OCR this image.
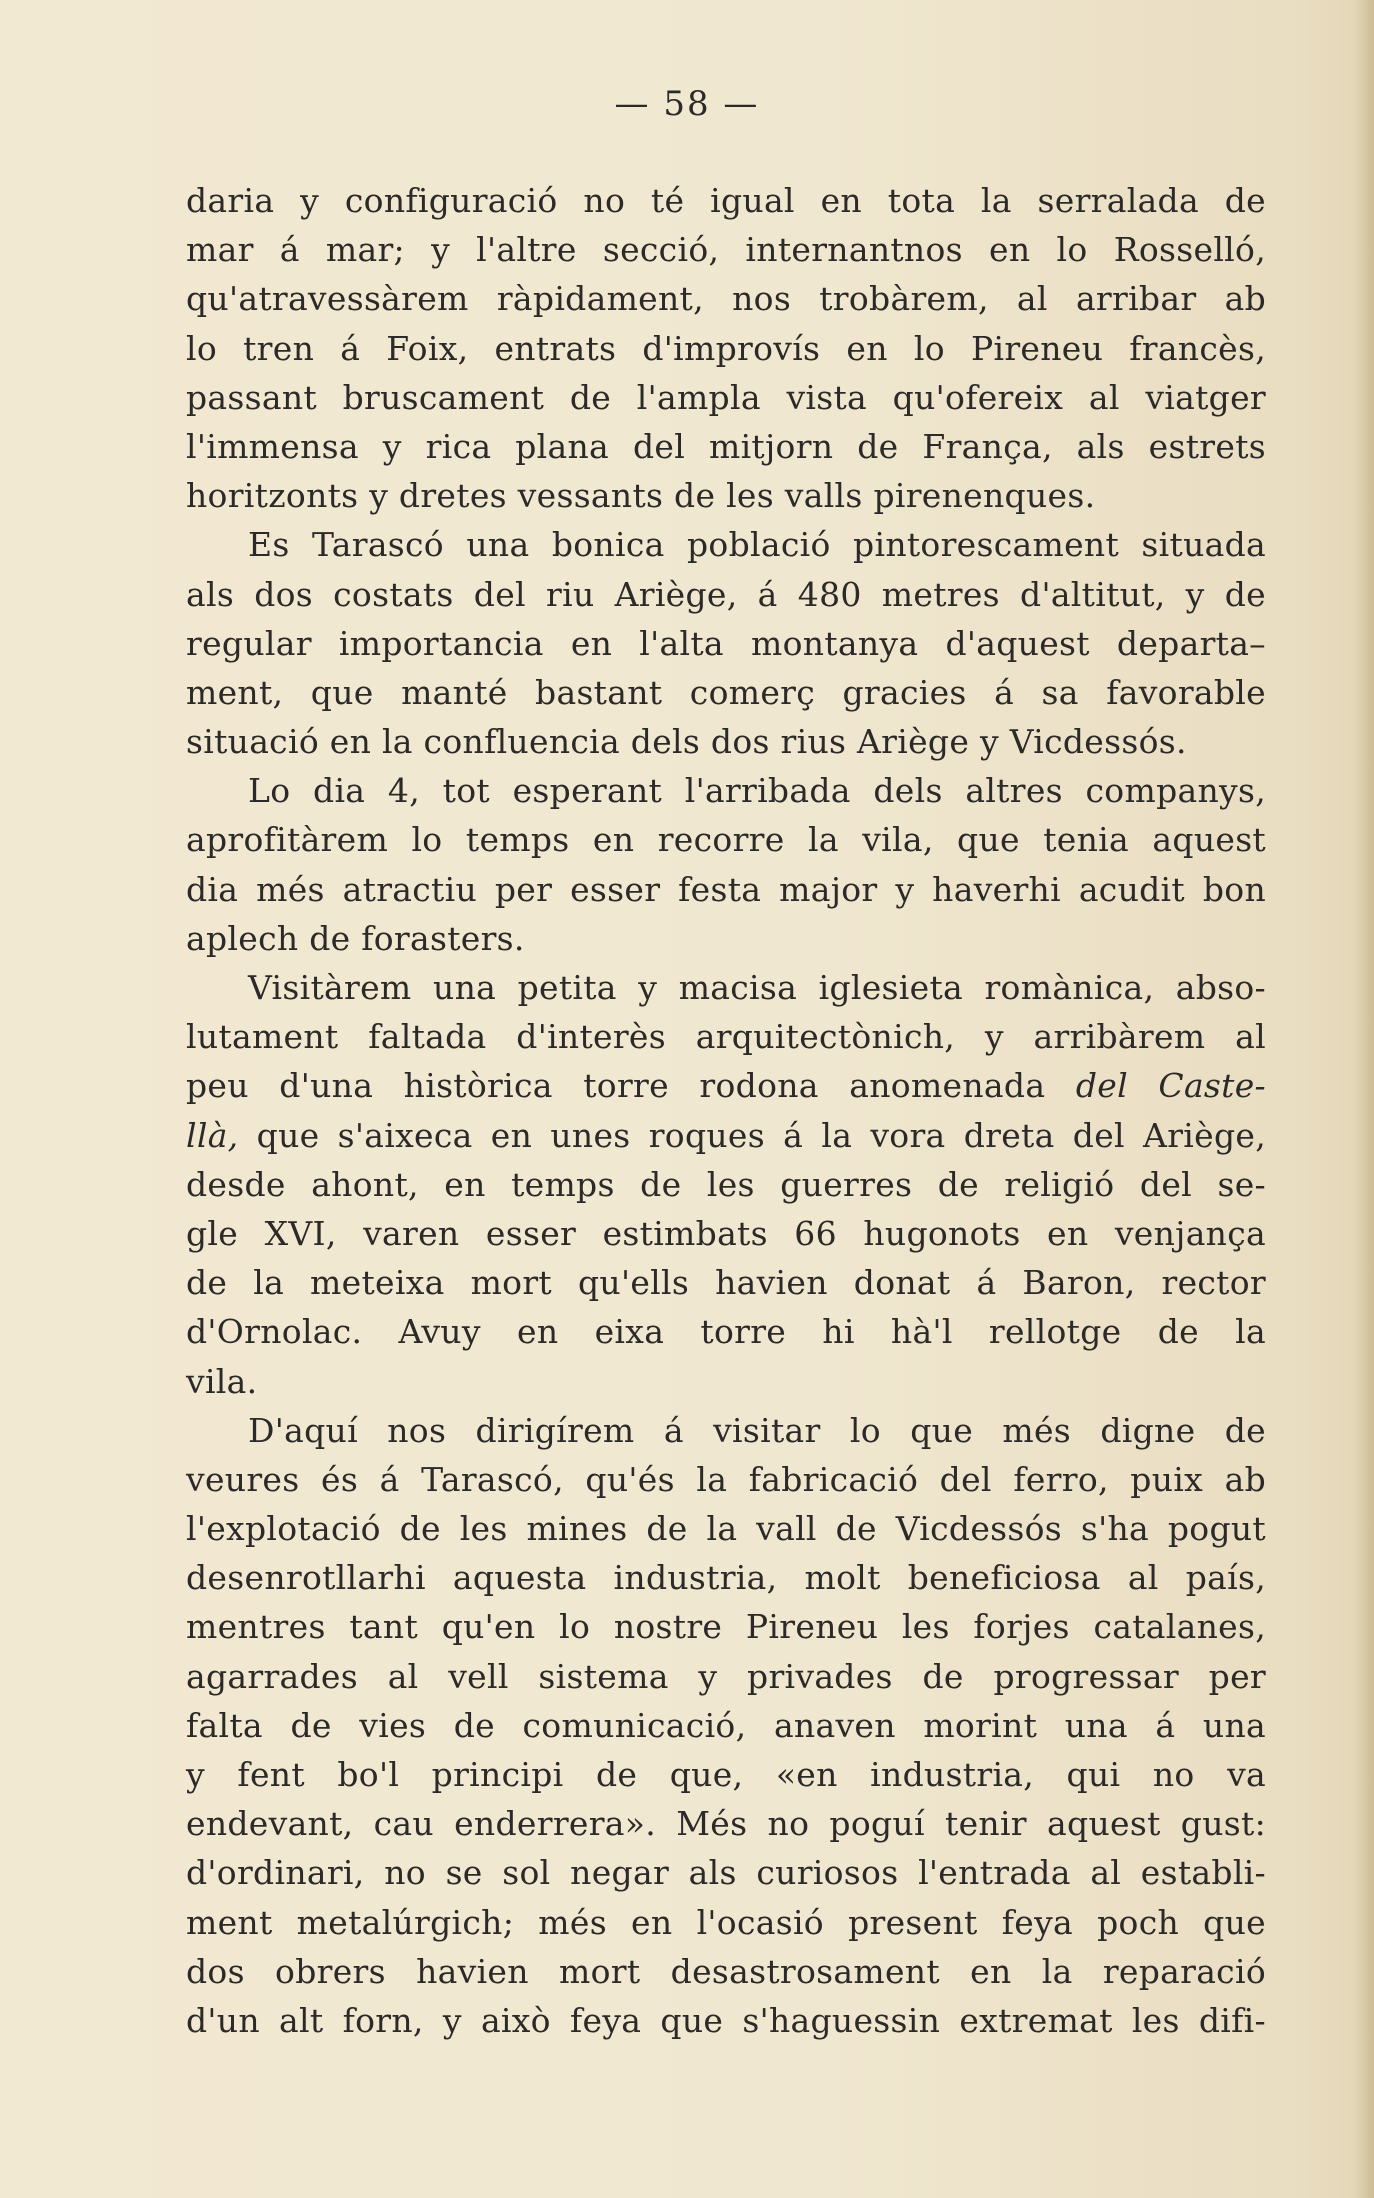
— 58 —
daria y configuració no té igual en tota la serralada de
mar á mar; y l'altre secció, internantnos en lo Rosselló,
qu'atravessàrem ràpidament, nos trobàrem, al arribar ab
lo tren á Foix, entrats d'improvís en lo Pireneu francès,
passant bruscament de l'ampla vista qu'ofereix al viatger
l'immensa y rica plana del mitjorn de França, als estrets
horitzonts y dretes vessants de les valls pirenenques.
Es Tarascó una bonica població pintorescament situada
als dos costats del riu Ariège, á 480 metres d'altitut, y de
regular importancia en l'alta montanya d'aquest departa–
ment, que manté bastant comerç gracies á sa favorable
situació en la confluencia dels dos rius Ariège y Vicdessós.
Lo dia 4, tot esperant l'arribada dels altres companys,
aprofitàrem lo temps en recorre la vila, que tenia aquest
dia més atractiu per esser festa major y haverhi acudit bon
aplech de forasters.
Visitàrem una petita y macisa iglesieta romànica, abso-
lutament faltada d'interès arquitectònich, y arribàrem al
peu d'una històrica torre rodona anomenada del Caste-
llà, que s'aixeca en unes roques á la vora dreta del Ariège,
desde ahont, en temps de les guerres de religió del se-
gle XVI, varen esser estimbats 66 hugonots en venjança
de la meteixa mort qu'ells havien donat á Baron, rector
d'Ornolac. Avuy en eixa torre hi hà'l rellotge de la
vila.
D'aquí nos dirigírem á visitar lo que més digne de
veures és á Tarascó, qu'és la fabricació del ferro, puix ab
l'explotació de les mines de la vall de Vicdessós s'ha pogut
desenrotllarhi aquesta industria, molt beneficiosa al país,
mentres tant qu'en lo nostre Pireneu les forjes catalanes,
agarrades al vell sistema y privades de progressar per
falta de vies de comunicació, anaven morint una á una
y fent bo'l principi de que, «en industria, qui no va
endevant, cau enderrera». Més no poguí tenir aquest gust:
d'ordinari, no se sol negar als curiosos l'entrada al establi-
ment metalúrgich; més en l'ocasió present feya poch que
dos obrers havien mort desastrosament en la reparació
d'un alt forn, y això feya que s'haguessin extremat les difi-
